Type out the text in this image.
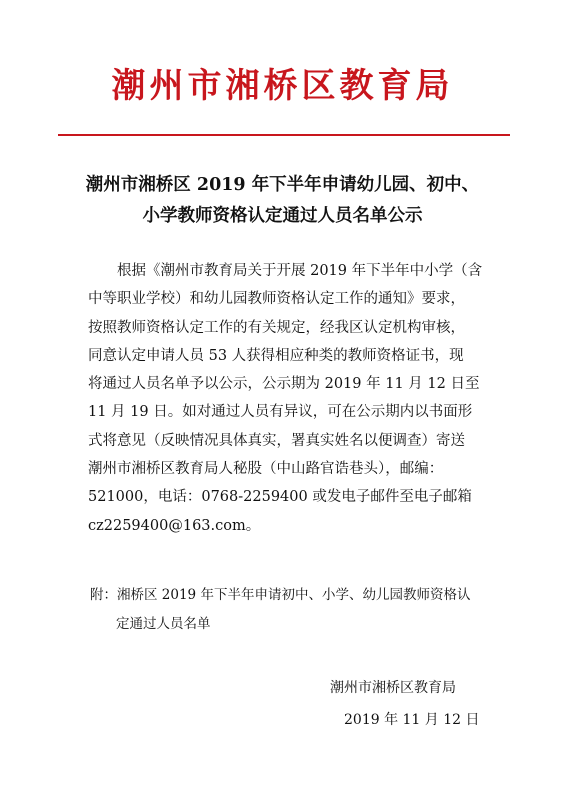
潮州市湘桥区教育局
潮州市湘桥区 2019 年下半年申请幼儿园、初中、
小学教师资格认定通过人员名单公示
根据《潮州市教育局关于开展 2019 年下半年中小学（含
中等职业学校）和幼儿园教师资格认定工作的通知》要求，
按照教师资格认定工作的有关规定，经我区认定机构审核，
同意认定申请人员 53 人获得相应种类的教师资格证书，现
将通过人员名单予以公示，公示期为 2019 年 11 月 12 日至
11 月 19 日。如对通过人员有异议，可在公示期内以书面形
式将意见（反映情况具体真实，署真实姓名以便调查）寄送
潮州市湘桥区教育局人秘股（中山路官诰巷头），邮编：
521000，电话：0768-2259400 或发电子邮件至电子邮箱
cz2259400@163.com。
附：湘桥区 2019 年下半年申请初中、小学、幼儿园教师资格认
定通过人员名单
潮州市湘桥区教育局
2019 年 11 月 12 日
